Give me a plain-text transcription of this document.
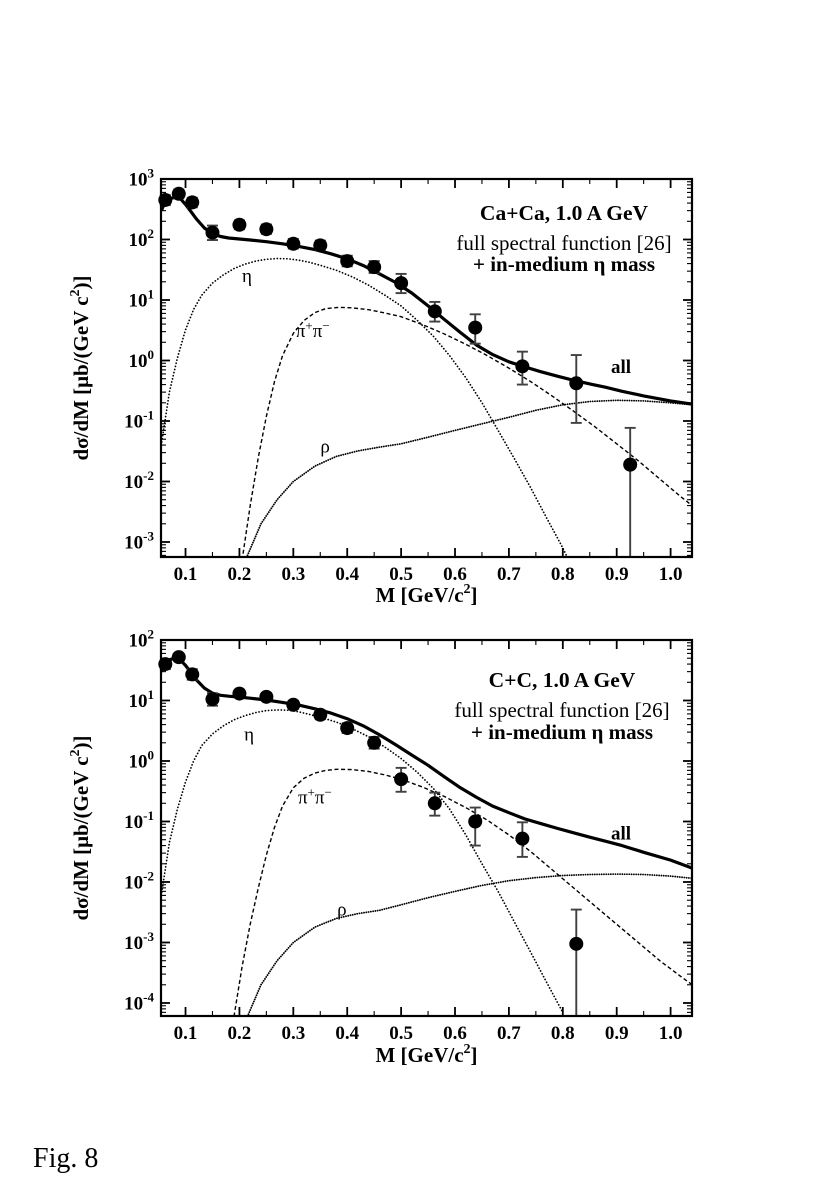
η
π+π−
ρ
all
0.1 0.2 0.3 0.4 0.5 0.6 0.7 0.8 0.9 1.0
$10^3$
$10^2$
$10^1$
$10^0$
$10^{-1}$
$10^{-2}$
$10^{-3}$
M $[GeV/c^2]$
dσ/dM [μb/(GeV $c^2$)]
Ca+Ca, 1.0 A GeV
full spectral function [26]
+ in-medium η mass
η
π+π−
ρ
all
0.1 0.2 0.3 0.4 0.5 0.6 0.7 0.8 0.9 1.0
$10^2$
$10^1$
$10^0$
$10^{-1}$
$10^{-2}$
$10^{-3}$
$10^{-4}$
M $[GeV/c^2]$
dσ/dM [μb/(GeV $c^2$)]
C+C, 1.0 A GeV
full spectral function [26]
+ in-medium η mass
Fig. 8
